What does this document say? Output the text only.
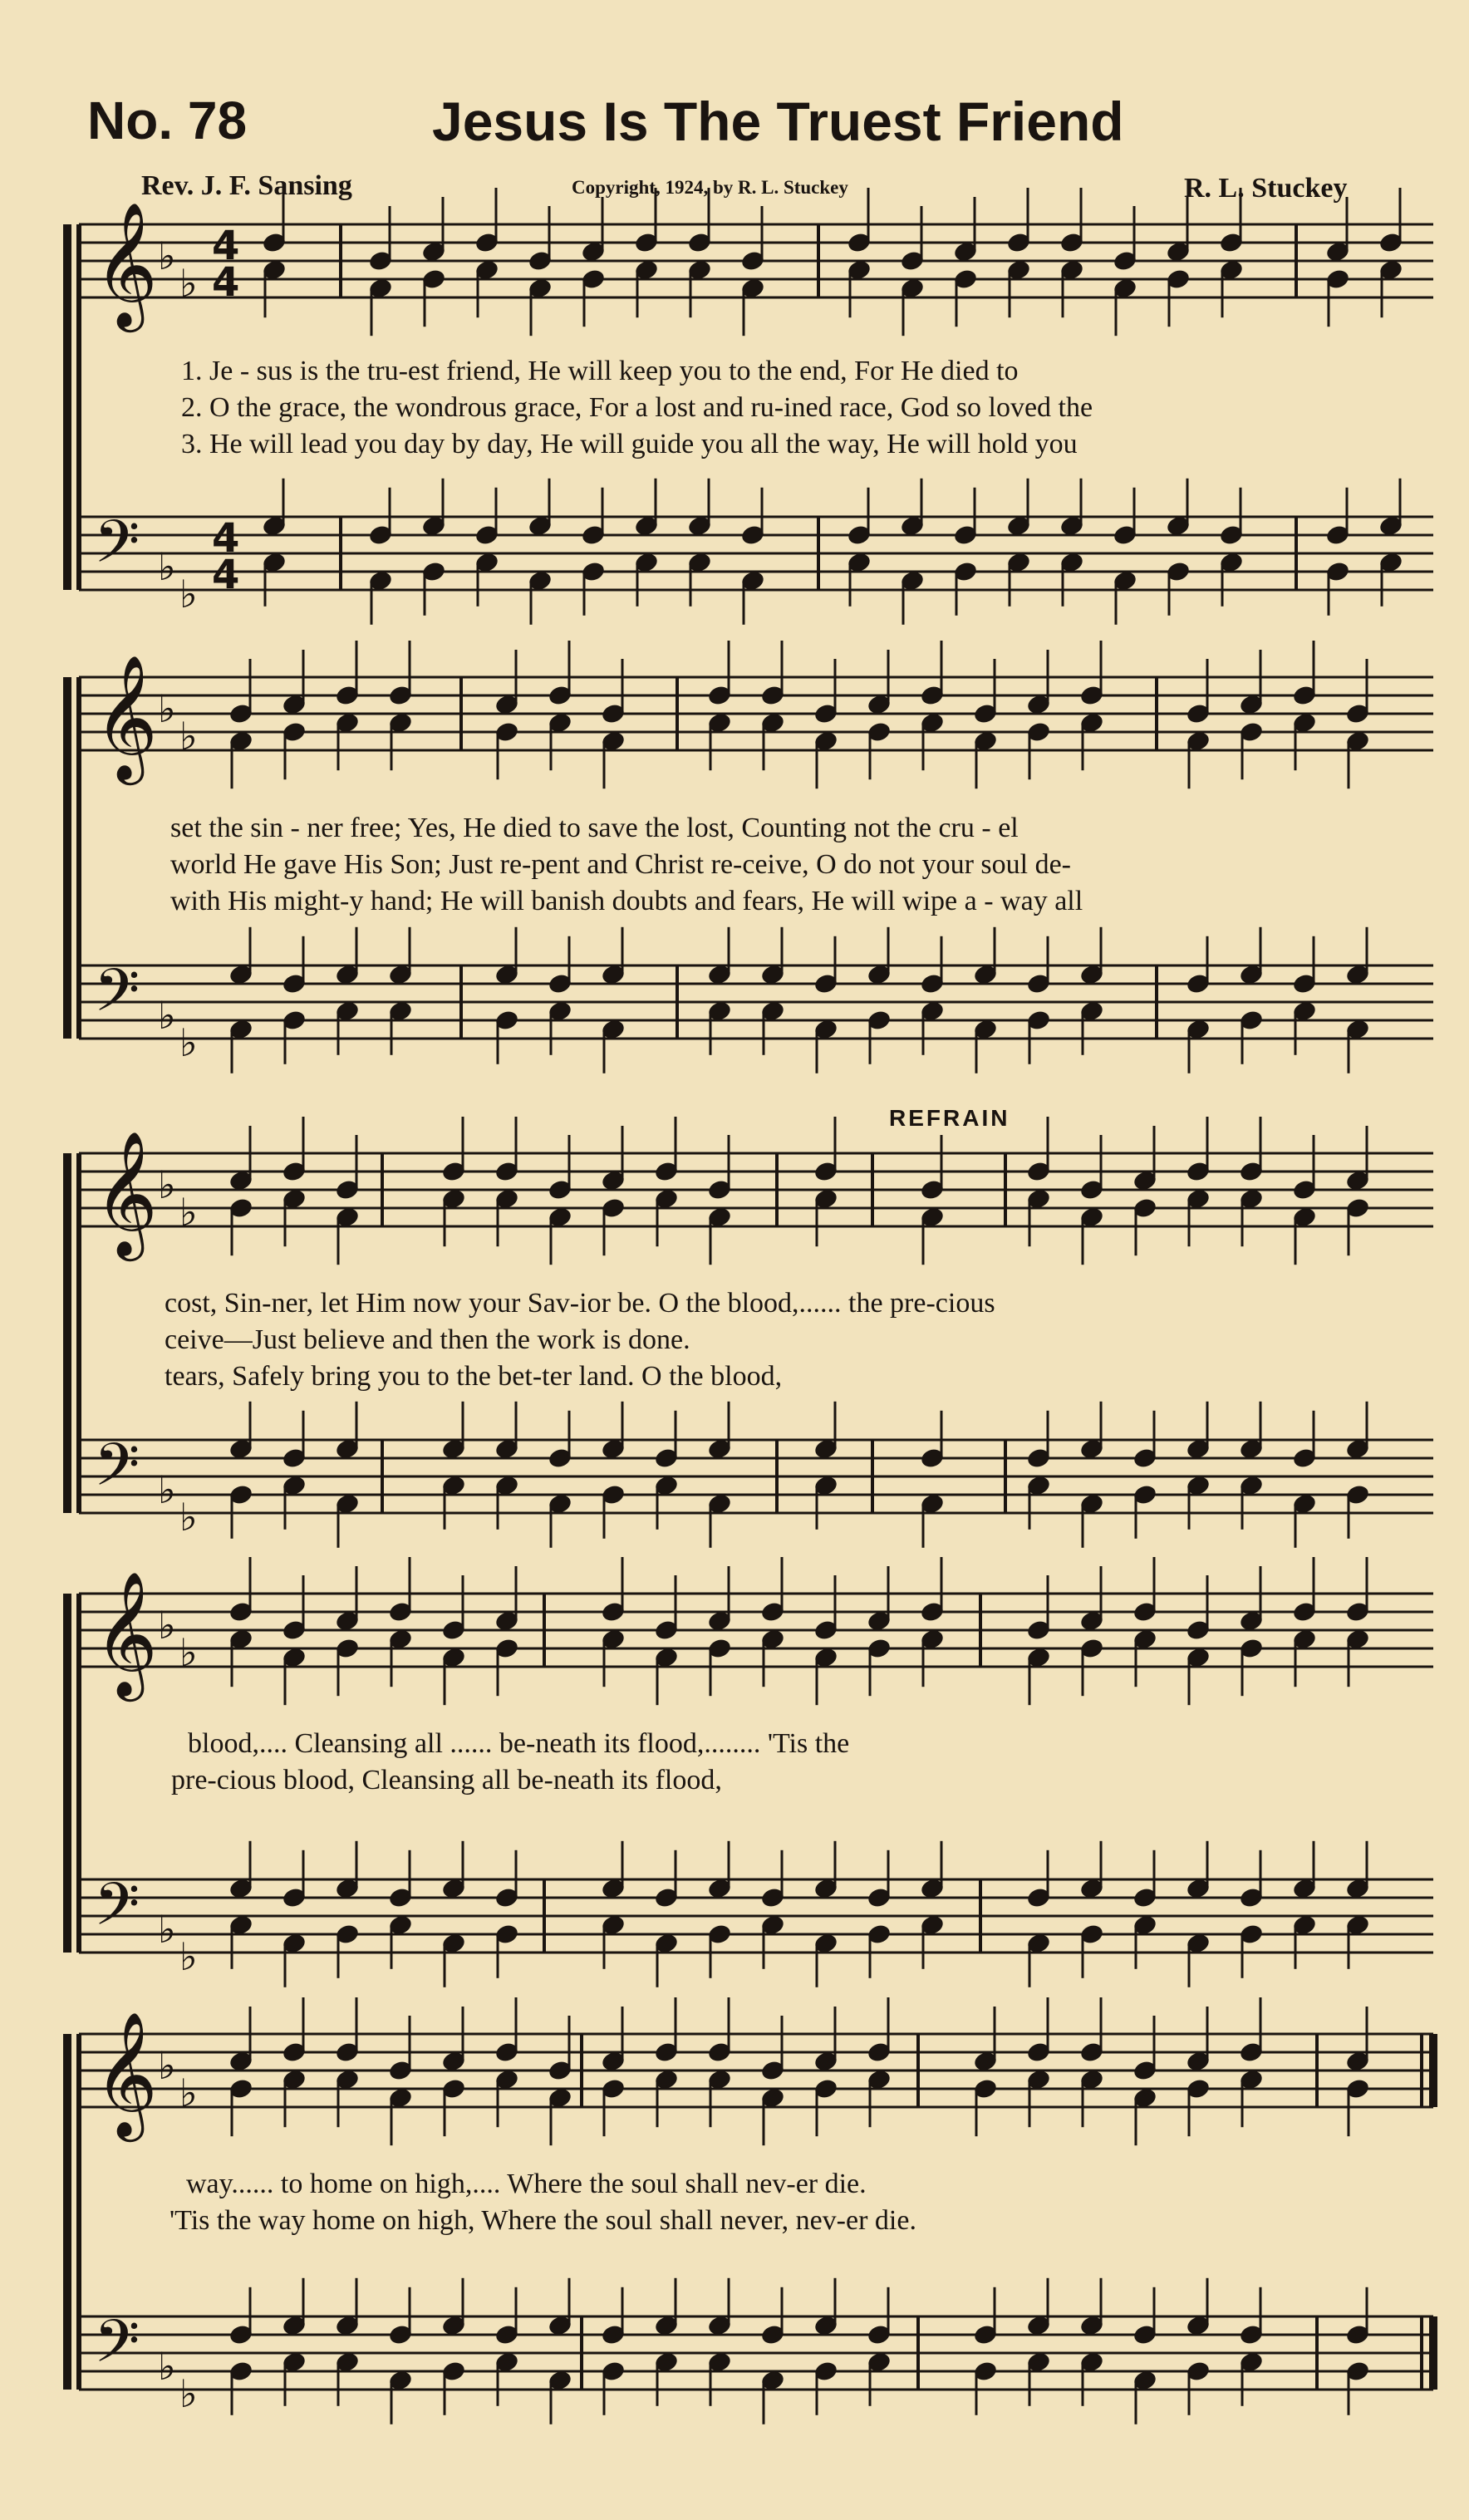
No. 78	Jesus Is The Truest Friend
Rev. J. F. Sansing	Copyright, 1924, by R. L. Stuckey	R. L. Stuckey
REFRAIN
𝄞 ♭
♭
4
4
𝄢 ♭
♭
4
4
𝄞 ♭
♭
𝄢 ♭
♭
𝄞 ♭
♭
𝄢 ♭
♭
𝄞 ♭
♭
𝄢 ♭
♭
𝄞 ♭
♭
𝄢 ♭
♭
1. Je - sus is the tru-est friend, He will keep you to the end, For He died to
2. O the grace, the wondrous grace, For a lost and ru-ined race, God so loved the
3. He will lead you day by day, He will guide you all the way, He will hold you
set the sin - ner free; Yes, He died to save the lost, Counting not the cru - el
world He gave His Son; Just re-pent and Christ re-ceive, O do not your soul de-
with His might-y hand; He will banish doubts and fears, He will wipe a - way all
cost, Sin-ner, let Him now your Sav-ior be. O the blood,...... the pre-cious
ceive—Just believe and then the work is done.
tears, Safely bring you to the bet-ter land. O the blood,
blood,.... Cleansing all ...... be-neath its flood,........ 'Tis the
pre-cious blood, Cleansing all be-neath its flood,
way...... to home on high,.... Where the soul shall nev-er die.
'Tis the way home on high, Where the soul shall never, nev-er die.
